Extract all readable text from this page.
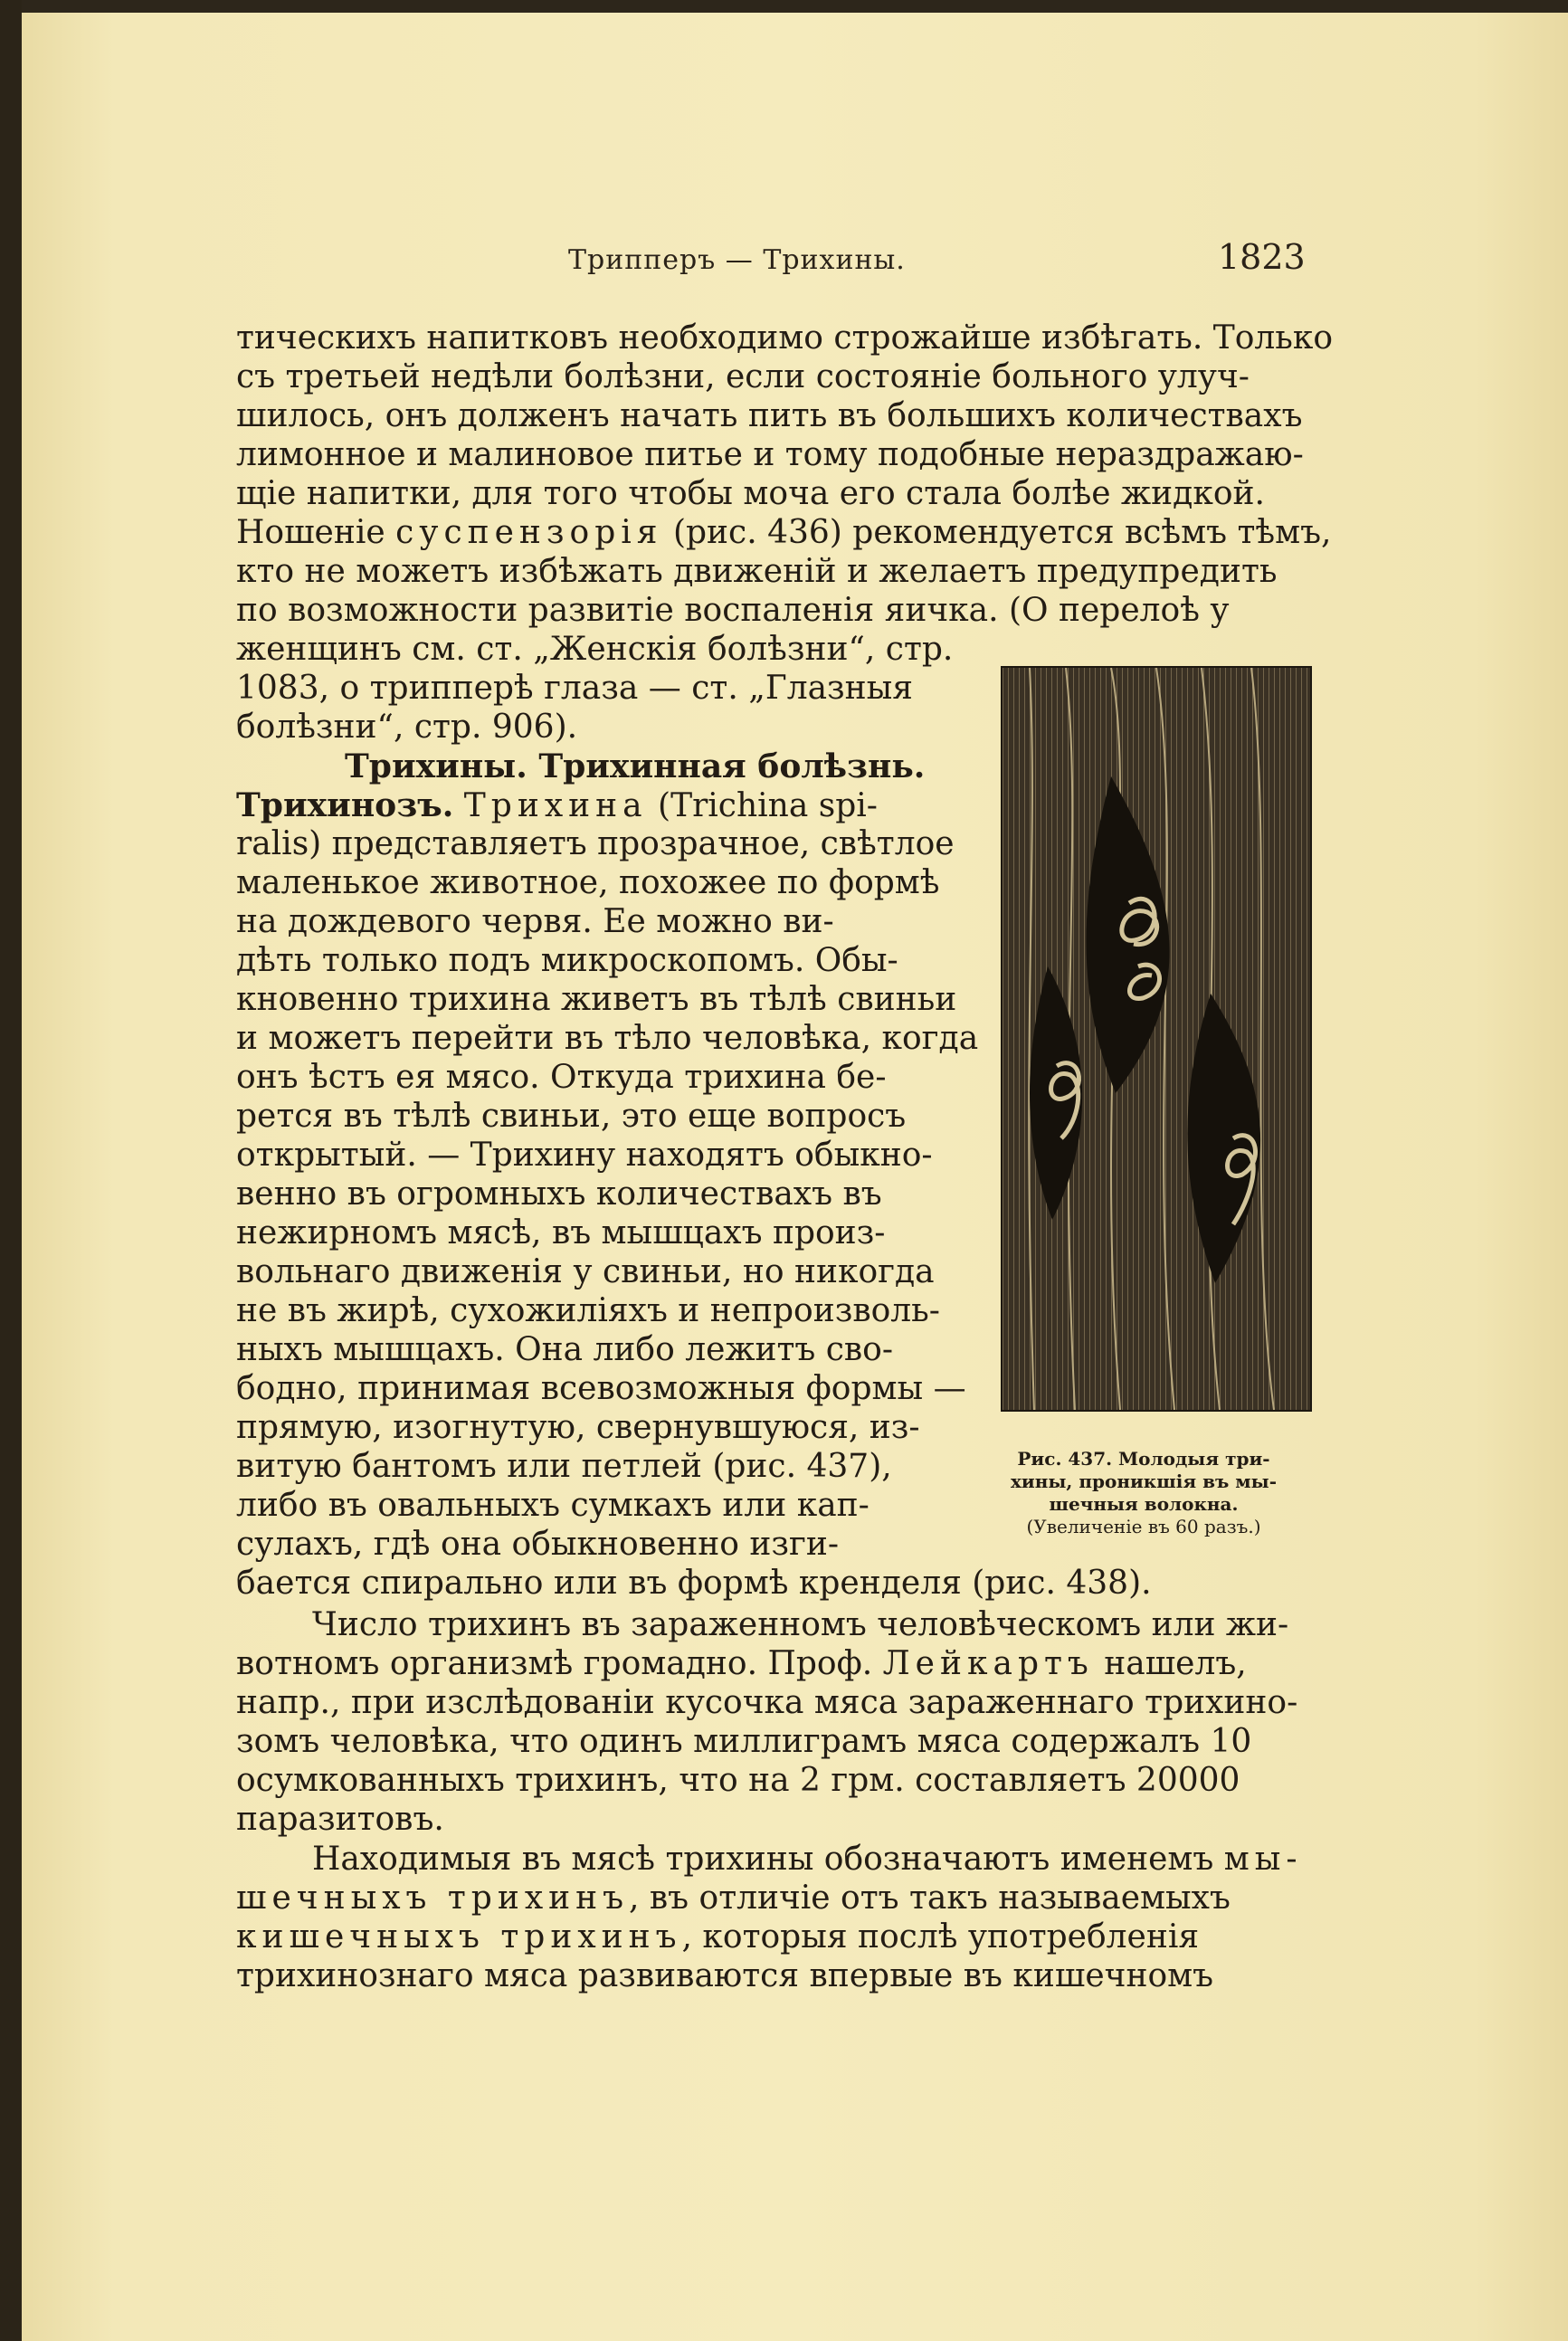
Трипперъ — Трихины.	1823
тическихъ напитковъ необходимо строжайше избѣгать. Только
съ третьей недѣли болѣзни, если состояніе больного улуч-
шилось, онъ долженъ начать пить въ большихъ количествахъ
лимонное и малиновое питье и тому подобные нераздражаю-
щіе напитки, для того чтобы моча его стала болѣе жидкой.
Ношеніе суспензорія (рис. 436) рекомендуется всѣмъ тѣмъ,
кто не можетъ избѣжать движеній и желаетъ предупредить
по возможности развитіе воспаленія яичка. (О перелоѣ у
женщинъ см. ст. „Женскія болѣзни“, стр.
1083, о трипперѣ глаза — ст. „Глазныя
болѣзни“, стр. 906).
Трихины. Трихинная болѣзнь.
Трихинозъ. Трихина (Trichina spi-
ralis) представляетъ прозрачное, свѣтлое
маленькое животное, похожее по формѣ
на дождевого червя. Ее можно ви-
дѣть только подъ микроскопомъ. Обы-
кновенно трихина живетъ въ тѣлѣ свиньи
и можетъ перейти въ тѣло человѣка, когда
онъ ѣстъ ея мясо. Откуда трихина бе-
рется въ тѣлѣ свиньи, это еще вопросъ
открытый. — Трихину находятъ обыкно-
венно въ огромныхъ количествахъ въ
нежирномъ мясѣ, въ мышцахъ произ-
вольнаго движенія у свиньи, но никогда
не въ жирѣ, сухожиліяхъ и непроизволь-
ныхъ мышцахъ. Она либо лежитъ сво-
бодно, принимая всевозможныя формы —
прямую, изогнутую, свернувшуюся, из-
витую бантомъ или петлей (рис. 437),
либо въ овальныхъ сумкахъ или кап-
сулахъ, гдѣ она обыкновенно изги-
бается спирально или въ формѣ кренделя (рис. 438).
Число трихинъ въ зараженномъ человѣческомъ или жи-
вотномъ организмѣ громадно. Проф. Лейкартъ нашелъ,
напр., при изслѣдованіи кусочка мяса зараженнаго трихино-
зомъ человѣка, что одинъ миллиграмъ мяса содержалъ 10
осумкованныхъ трихинъ, что на 2 грм. составляетъ 20000
паразитовъ.
Находимыя въ мясѣ трихины обозначаютъ именемъ мы-
шечныхъ трихинъ, въ отличіе отъ такъ называемыхъ
кишечныхъ трихинъ, которыя послѣ употребленія
трихинознаго мяса развиваются впервые въ кишечномъ
Рис. 437. Молодыя три-
хины, проникшія въ мы-
шечныя волокна.
(Увеличеніе въ 60 разъ.)
